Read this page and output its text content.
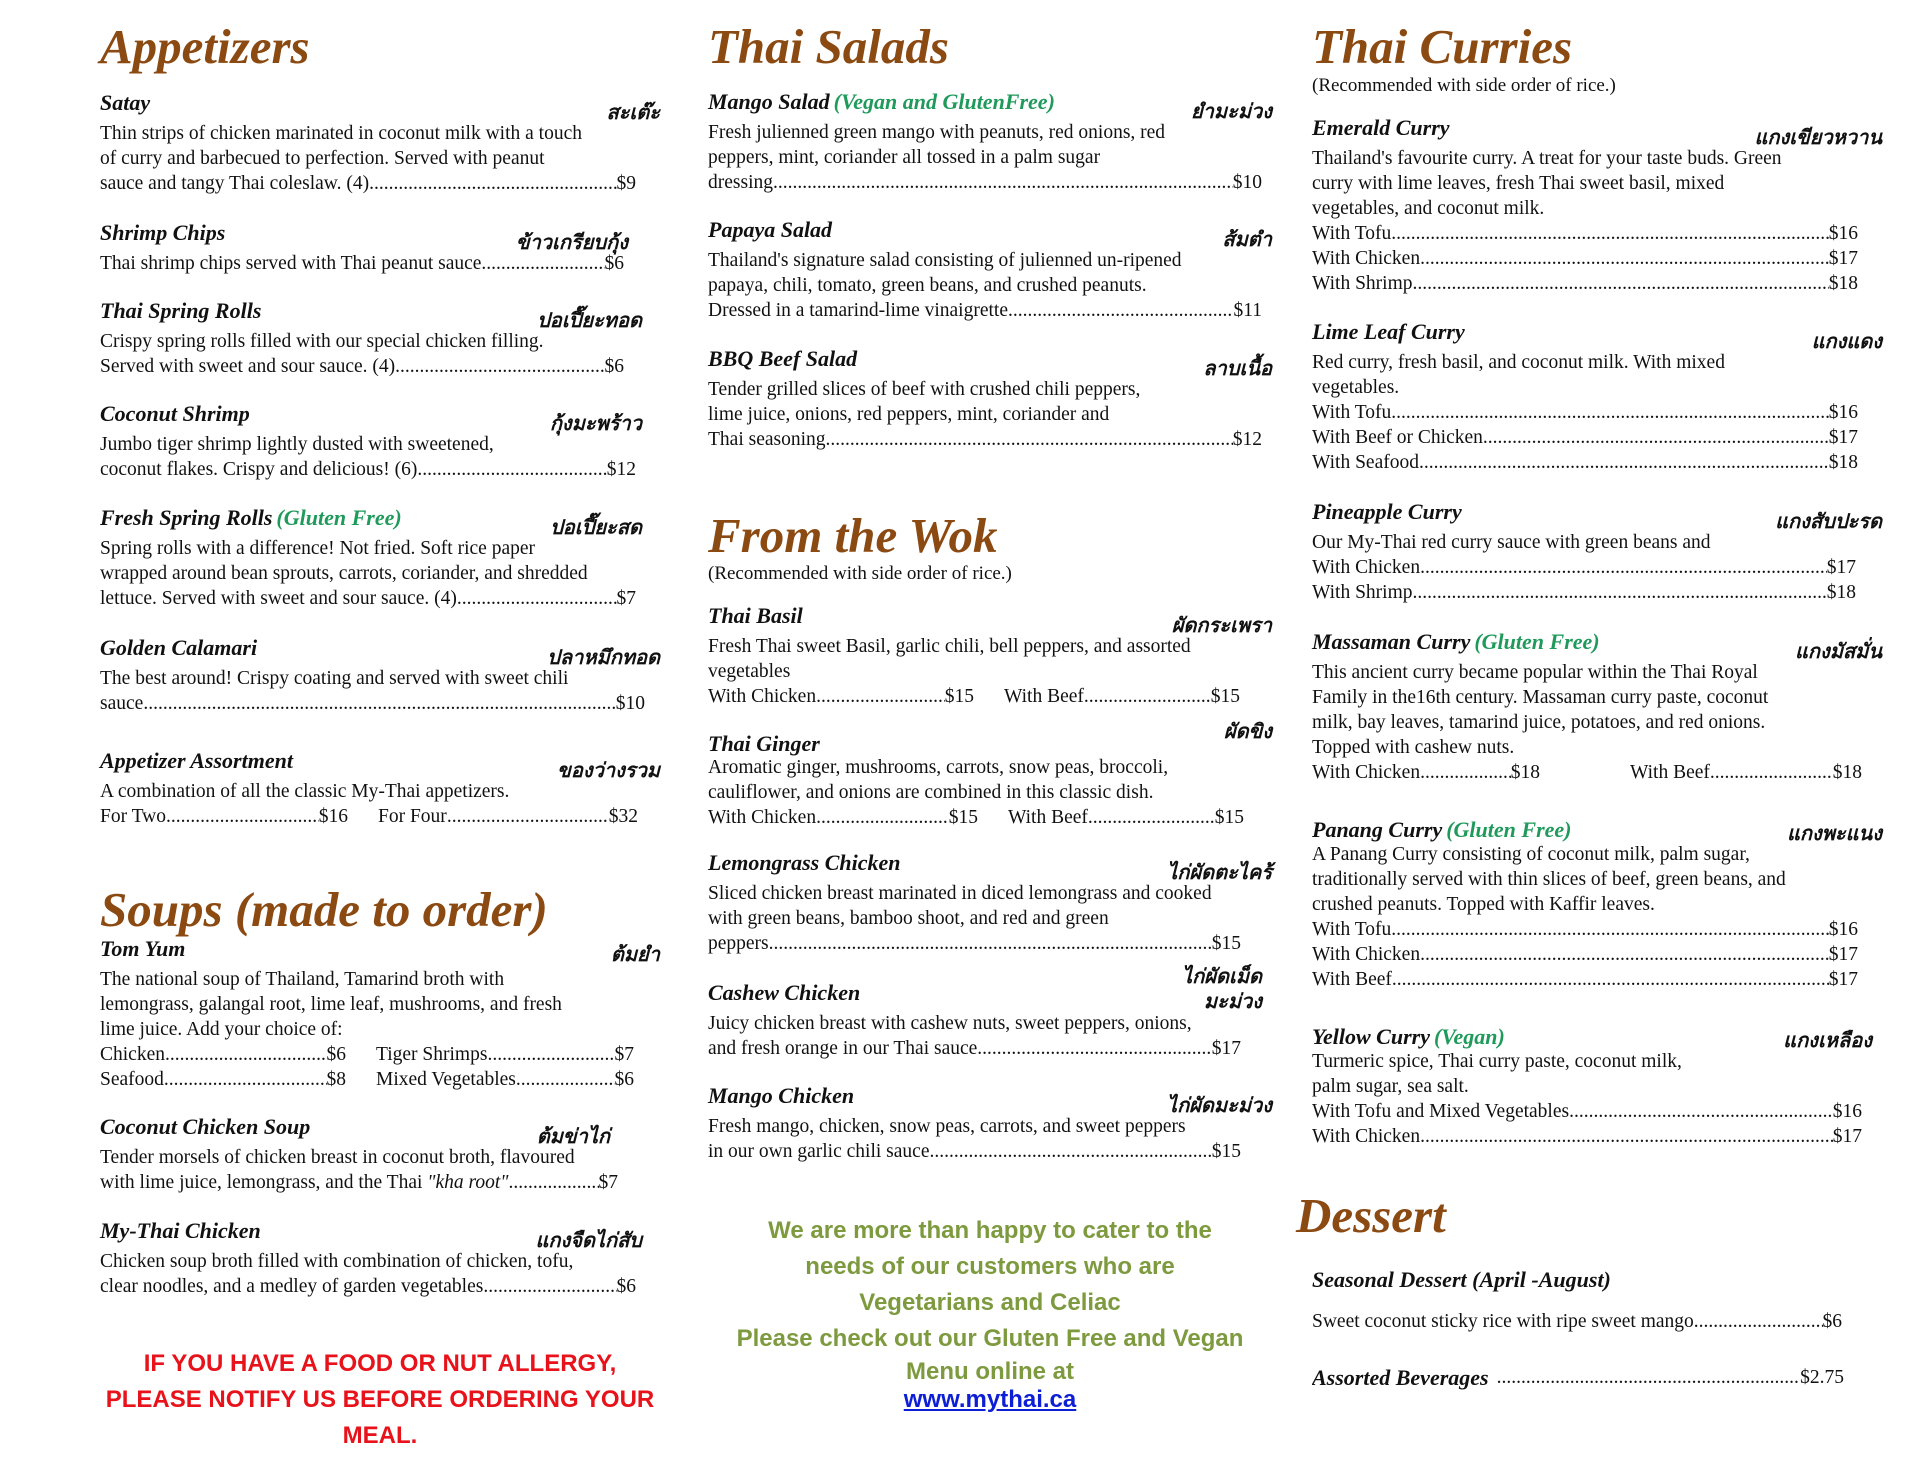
Appetizers
Satay	สะเต๊ะ
Thin strips of chicken marinated in coconut milk with a touch
of curry and barbecued to perfection. Served with peanut
sauce and tangy Thai coleslaw. (4) .....	$9
Shrimp Chips	ข้าวเกรียบกุ้ง
Thai shrimp chips served with Thai peanut sauce .....	$6
Thai Spring Rolls	ปอเปี๊ยะทอด
Crispy spring rolls filled with our special chicken filling.
Served with sweet and sour sauce. (4) .....	$6
Coconut Shrimp	กุ้งมะพร้าว
Jumbo tiger shrimp lightly dusted with sweetened,
coconut flakes. Crispy and delicious! (6) .....	$12
Fresh Spring Rolls (Gluten Free)	ปอเปี๊ยะสด
Spring rolls with a difference! Not fried. Soft rice paper
wrapped around bean sprouts, carrots, coriander, and shredded
lettuce. Served with sweet and sour sauce. (4) .....	$7
Golden Calamari	ปลาหมึกทอด
The best around! Crispy coating and served with sweet chili
sauce .....	$10
Appetizer Assortment	ของว่างรวม
A combination of all the classic My-Thai appetizers.
For Two .....	$16 For Four .....	$32
Soups (made to order)
Tom Yum	ต้มยำ
The national soup of Thailand, Tamarind broth with
lemongrass, galangal root, lime leaf, mushrooms, and fresh
lime juice. Add your choice of:
Chicken .....	$6 Tiger Shrimps .....	$7
Seafood .....	$8 Mixed Vegetables .....	$6
Coconut Chicken Soup	ต้มข่าไก่
Tender morsels of chicken breast in coconut broth, flavoured
with lime juice, lemongrass, and the Thai "kha root" .....	$7
My-Thai Chicken	แกงจืดไก่สับ
Chicken soup broth filled with combination of chicken, tofu,
clear noodles, and a medley of garden vegetables .....	$6
IF YOU HAVE A FOOD OR NUT ALLERGY,
PLEASE NOTIFY US BEFORE ORDERING YOUR
MEAL.
Thai Salads
Mango Salad (Vegan and GlutenFree)	ยำมะม่วง
Fresh julienned green mango with peanuts, red onions, red
peppers, mint, coriander all tossed in a palm sugar
dressing .....	$10
Papaya Salad	ส้มตำ
Thailand's signature salad consisting of julienned un-ripened
papaya, chili, tomato, green beans, and crushed peanuts.
Dressed in a tamarind-lime vinaigrette .....	$11
BBQ Beef Salad	ลาบเนื้อ
Tender grilled slices of beef with crushed chili peppers,
lime juice, onions, red peppers, mint, coriander and
Thai seasoning .....	$12
From the Wok
(Recommended with side order of rice.)
Thai Basil	ผัดกระเพรา
Fresh Thai sweet Basil, garlic chili, bell peppers, and assorted
vegetables
With Chicken .....	$15 With Beef .....	$15
Thai Ginger	ผัดขิง
Aromatic ginger, mushrooms, carrots, snow peas, broccoli,
cauliflower, and onions are combined in this classic dish.
With Chicken .....	$15 With Beef .....	$15
Lemongrass Chicken	ไก่ผัดตะไคร้
Sliced chicken breast marinated in diced lemongrass and cooked
with green beans, bamboo shoot, and red and green
peppers .....	$15
Cashew Chicken
ไก่ผัดเม็ด
มะม่วง
Juicy chicken breast with cashew nuts, sweet peppers, onions,
and fresh orange in our Thai sauce .....	$17
Mango Chicken	ไก่ผัดมะม่วง
Fresh mango, chicken, snow peas, carrots, and sweet peppers
in our own garlic chili sauce .....	$15
We are more than happy to cater to the
needs of our customers who are
Vegetarians and Celiac
Please check out our Gluten Free and Vegan
Menu online at
www.mythai.ca
Thai Curries
(Recommended with side order of rice.)
Emerald Curry	แกงเขียวหวาน
Thailand's favourite curry. A treat for your taste buds. Green
curry with lime leaves, fresh Thai sweet basil, mixed
vegetables, and coconut milk.
With Tofu .....	$16
With Chicken .....	$17
With Shrimp .....	$18
Lime Leaf Curry	แกงแดง
Red curry, fresh basil, and coconut milk. With mixed
vegetables.
With Tofu .....	$16
With Beef or Chicken .....	$17
With Seafood .....	$18
Pineapple Curry	แกงสับปะรด
Our My-Thai red curry sauce with green beans and
With Chicken .....	$17
With Shrimp .....	$18
Massaman Curry (Gluten Free)	แกงมัสมั่น
This ancient curry became popular within the Thai Royal
Family in the16th century. Massaman curry paste, coconut
milk, bay leaves, tamarind juice, potatoes, and red onions.
Topped with cashew nuts.
With Chicken .....	$18	With Beef .....	$18
Panang Curry (Gluten Free)	แกงพะแนง
A Panang Curry consisting of coconut milk, palm sugar,
traditionally served with thin slices of beef, green beans, and
crushed peanuts. Topped with Kaffir leaves.
With Tofu .....	$16
With Chicken .....	$17
With Beef .....	$17
Yellow Curry (Vegan)	แกงเหลือง
Turmeric spice, Thai curry paste, coconut milk,
palm sugar, sea salt.
With Tofu and Mixed Vegetables .....	$16
With Chicken .....	$17
Dessert
Seasonal Dessert (April -August)
Sweet coconut sticky rice with ripe sweet mango .....	$6
Assorted Beverages .....	$2.75
